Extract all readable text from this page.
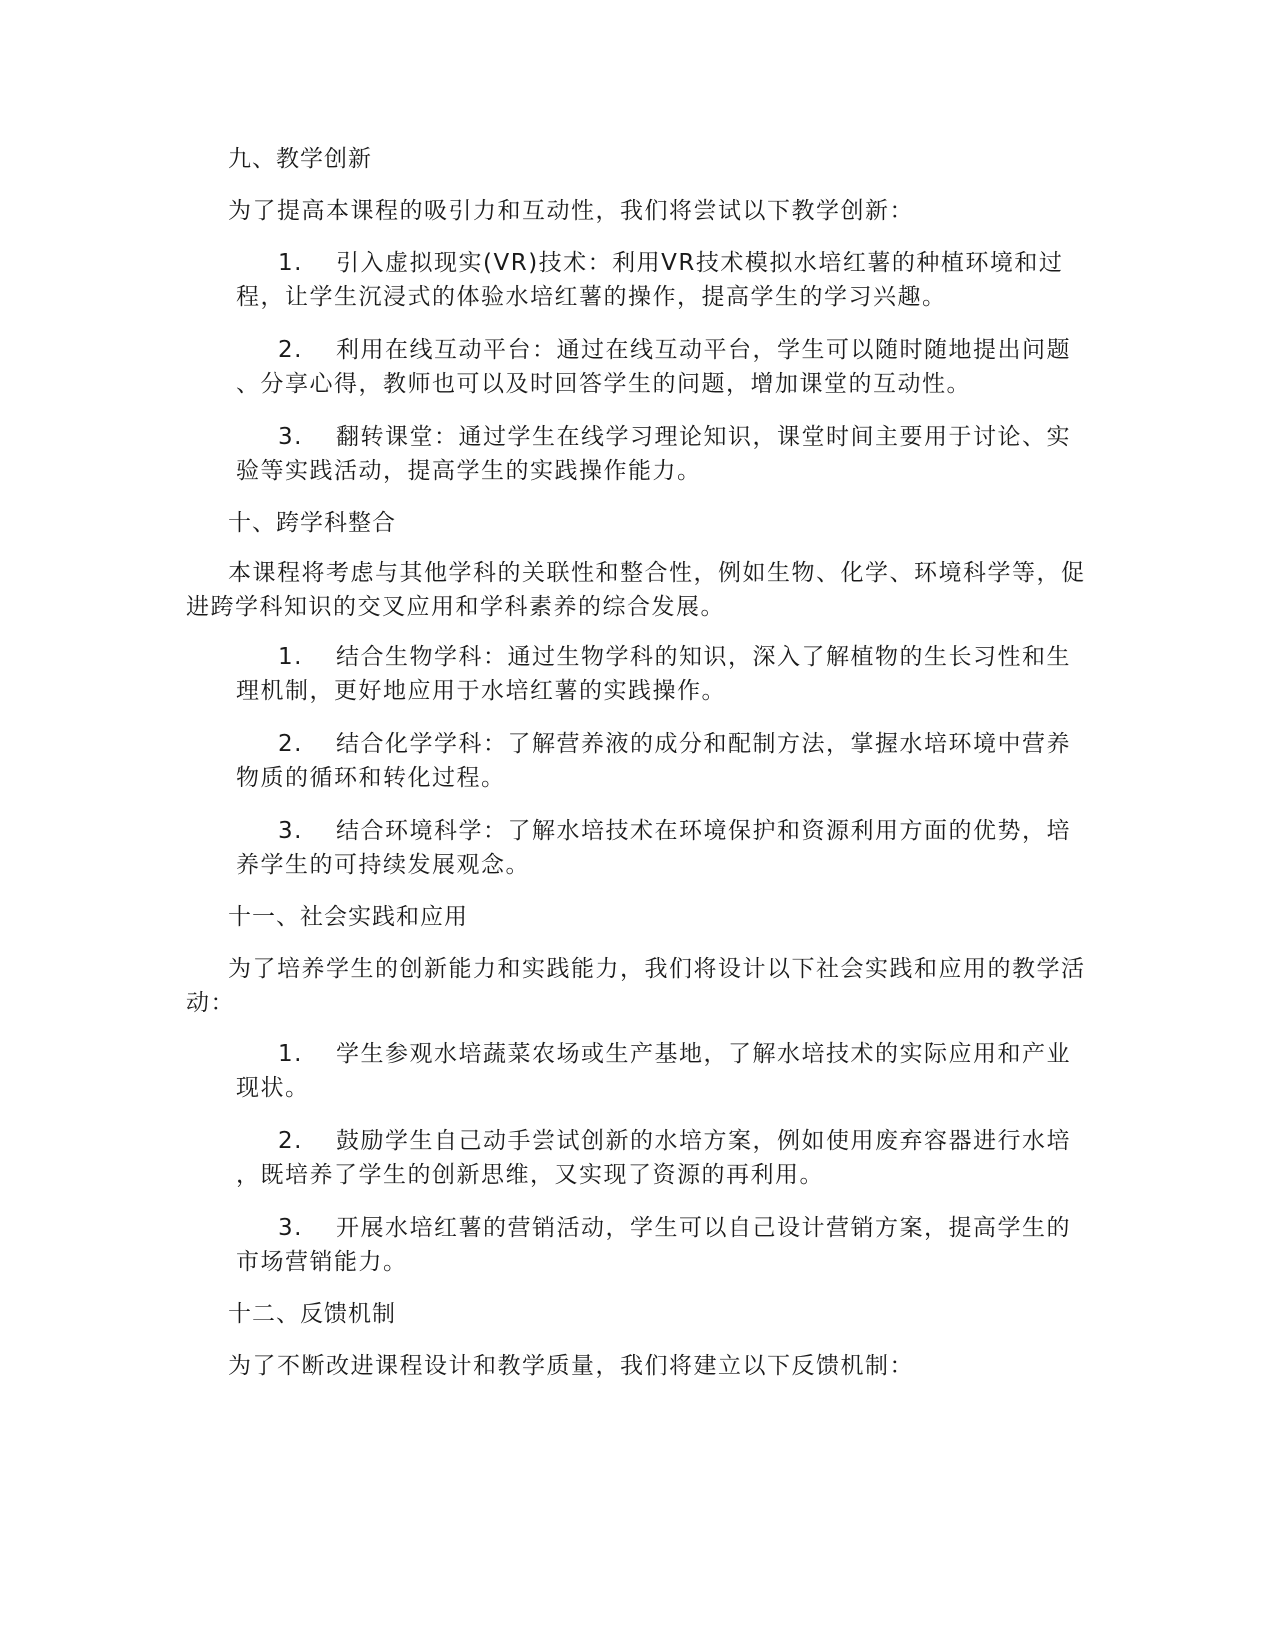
九、教学创新
为了提高本课程的吸引力和互动性，我们将尝试以下教学创新：
1.	引入虚拟现实(VR)技术：利用VR技术模拟水培红薯的种植环境和过
程，让学生沉浸式的体验水培红薯的操作，提高学生的学习兴趣。
2.	利用在线互动平台：通过在线互动平台，学生可以随时随地提出问题
、分享心得，教师也可以及时回答学生的问题，增加课堂的互动性。
3.	翻转课堂：通过学生在线学习理论知识，课堂时间主要用于讨论、实
验等实践活动，提高学生的实践操作能力。
十、跨学科整合
本课程将考虑与其他学科的关联性和整合性，例如生物、化学、环境科学等，促进跨学科知识的交叉应用和学科素养的综合发展。
1.	结合生物学科：通过生物学科的知识，深入了解植物的生长习性和生
理机制，更好地应用于水培红薯的实践操作。
2.	结合化学学科：了解营养液的成分和配制方法，掌握水培环境中营养
物质的循环和转化过程。
3.	结合环境科学：了解水培技术在环境保护和资源利用方面的优势，培
养学生的可持续发展观念。
十一、社会实践和应用
为了培养学生的创新能力和实践能力，我们将设计以下社会实践和应用的教学活动：
1.	学生参观水培蔬菜农场或生产基地，了解水培技术的实际应用和产业
现状。
2.	鼓励学生自己动手尝试创新的水培方案，例如使用废弃容器进行水培
，既培养了学生的创新思维，又实现了资源的再利用。
3.	开展水培红薯的营销活动，学生可以自己设计营销方案，提高学生的
市场营销能力。
十二、反馈机制
为了不断改进课程设计和教学质量，我们将建立以下反馈机制：
